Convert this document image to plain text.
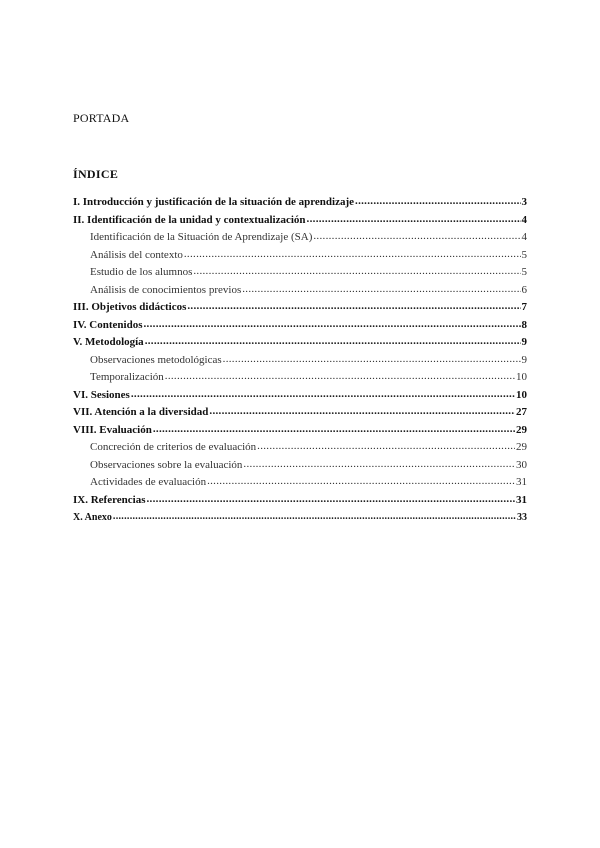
PORTADA
ÍNDICE
I. Introducción y justificación de la situación de aprendizaje .....	3
II. Identificación de la unidad y contextualización .....	4
Identificación de la Situación de Aprendizaje (SA) .....	4
Análisis del contexto .....	5
Estudio de los alumnos .....	5
Análisis de conocimientos previos .....	6
III. Objetivos didácticos .....	7
IV. Contenidos .....	8
V. Metodología .....	9
Observaciones metodológicas .....	9
Temporalización .....	10
VI. Sesiones .....	10
VII. Atención a la diversidad .....	27
VIII. Evaluación .....	29
Concreción de criterios de evaluación .....	29
Observaciones sobre la evaluación .....	30
Actividades de evaluación .....	31
IX. Referencias .....	31
X. Anexo .....	33
